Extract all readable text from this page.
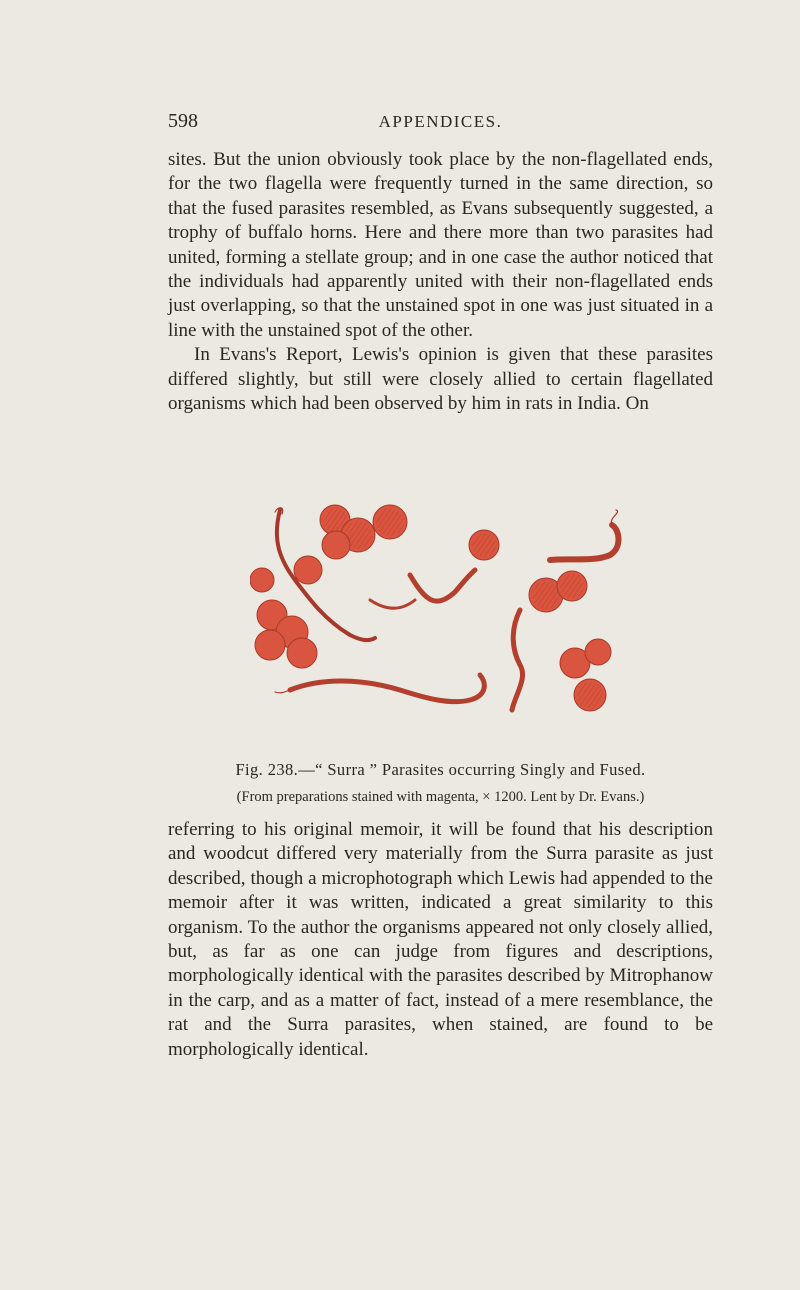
598	APPENDICES.

sites. But the union obviously took place by the non-flagellated ends, for the two flagella were frequently turned in the same direction, so that the fused parasites resembled, as Evans subsequently suggested, a trophy of buffalo horns. Here and there more than two parasites had united, forming a stellate group; and in one case the author noticed that the individuals had apparently united with their non-flagellated ends just overlapping, so that the unstained spot in one was just situated in a line with the unstained spot of the other.

In Evans's Report, Lewis's opinion is given that these parasites differed slightly, but still were closely allied to certain flagellated organisms which had been observed by him in rats in India. On

Fig. 238.—“ Surra ” Parasites occurring Singly and Fused.
(From preparations stained with magenta, × 1200. Lent by Dr. Evans.)

referring to his original memoir, it will be found that his description and woodcut differed very materially from the Surra parasite as just described, though a microphotograph which Lewis had appended to the memoir after it was written, indicated a great similarity to this organism. To the author the organisms appeared not only closely allied, but, as far as one can judge from figures and descriptions, morphologically identical with the parasites described by Mitrophanow in the carp, and as a matter of fact, instead of a mere resemblance, the rat and the Surra parasites, when stained, are found to be morphologically identical.
